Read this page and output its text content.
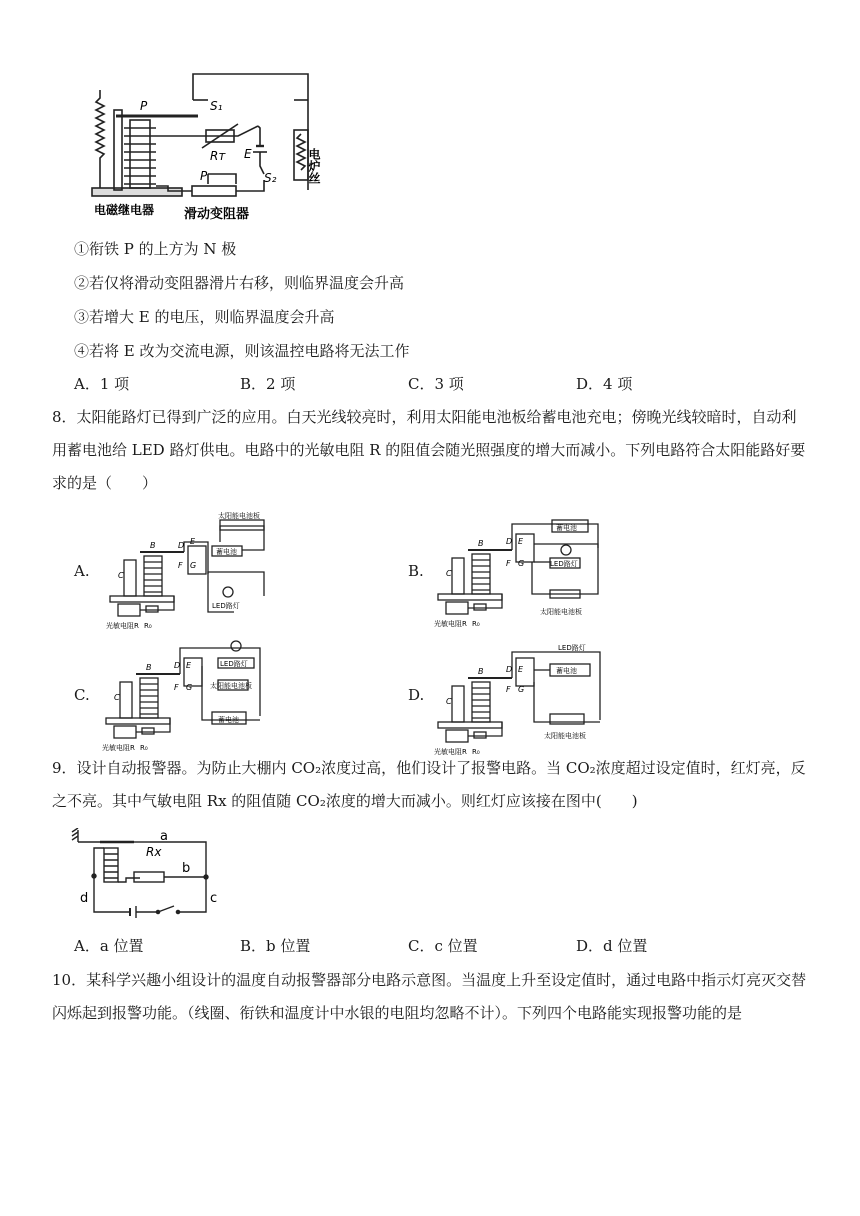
P	S₁
Rᴛ E
P	S₂
电磁继电器 滑动变阻器
电炉丝
①衔铁 P 的上方为 N 极
②若仅将滑动变阻器滑片右移，则临界温度会升高
③若增大 E 的电压，则临界温度会升高
④若将 E 改为交流电源，则该温控电路将无法工作
A．1 项	B．2 项	C．3 项	D．4 项
8．太阳能路灯已得到广泛的应用。白天光线较亮时，利用太阳能电池板给蓄电池充电；傍晚光线较暗时，自动利用蓄电池给 LED 路灯供电。电路中的光敏电阻 R 的阻值会随光照强度的增大而减小。下列电路符合太阳能路好要求的是（　　）
A.	B.
C.	D.
太阳能电池板
蓄电池
LED路灯
光敏电阻R R₀
C
B	D E
F G
蓄电池
LED路灯
太阳能电池板
光敏电阻R R₀
C
B	D E
F G
LED路灯
太阳能电池板
蓄电池
光敏电阻R R₀
C
B	D E
F G
LED路灯
蓄电池
太阳能电池板
光敏电阻R R₀
C
B	D E
F G
9．设计自动报警器。为防止大棚内 CO₂浓度过高，他们设计了报警电路。当 CO₂浓度超过设定值时，红灯亮，反之不亮。其中气敏电阻 Rx 的阻值随 CO₂浓度的增大而减小。则红灯应该接在图中(　　)
a
Rx
b
c
d
A．a 位置	B．b 位置	C．c 位置	D．d 位置
10．某科学兴趣小组设计的温度自动报警器部分电路示意图。当温度上升至设定值时，通过电路中指示灯亮灭交替闪烁起到报警功能。（线圈、衔铁和温度计中水银的电阻均忽略不计）。下列四个电路能实现报警功能的是
